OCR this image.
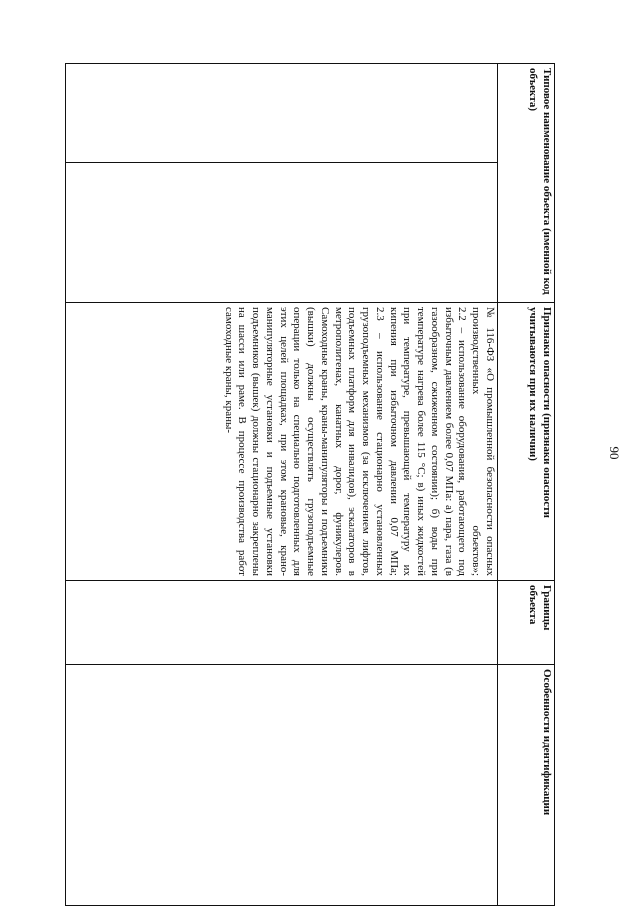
90
Типовое наименование объекта (именной код объекта)		Признаки опасности (признаки опасности учитываются при их наличии)	Границы объекта	Особенности идентификации

		№ 116-ФЗ «О промышленной безопасности опасных производственных объектов»;
2.2 – использование оборудования, работающего под избыточным давлением более 0,07 МПа: а) пара, газа (в газообразном, сжиженном состоянии); б) воды при температуре нагрева более 115 °С; в) иных жидкостей при температуре, превышающей температуру их кипения при избыточном давлении 0,07 МПа;
2.3 – использование стационарно установленных грузоподъемных механизмов (за исключением лифтов, подъемных платформ для инвалидов), эскалаторов в метрополитенах, канатных дорог, фуникулеров.
Самоходные краны, краны-манипуляторы и подъемники (вышки) должны осуществлять грузоподъемные операции только на специально подготовленных для этих целей площадках, при этом крановые, крано-манипуляторные установки и подъемные установки подъемников (вышек) должны стационарно закреплены на шасси или раме. В процессе производства работ самоходные краны, краны-		
